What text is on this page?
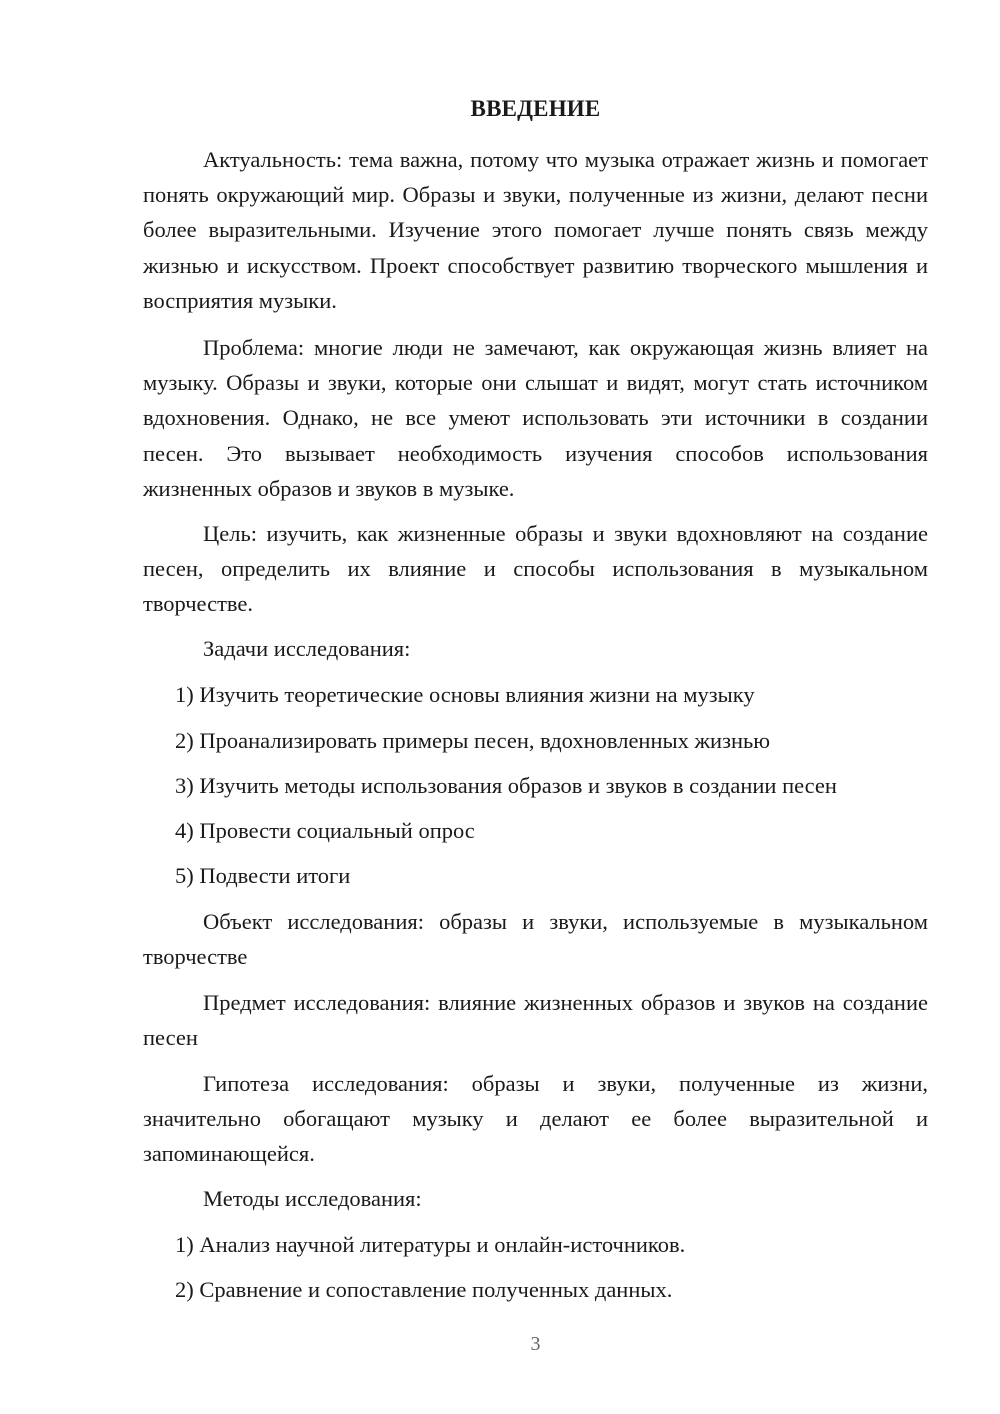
ВВЕДЕНИЕ
Актуальность: тема важна, потому что музыка отражает жизнь и помогает понять окружающий мир. Образы и звуки, полученные из жизни, делают песни более выразительными. Изучение этого помогает лучше понять связь между жизнью и искусством. Проект способствует развитию творческого мышления и восприятия музыки.
Проблема: многие люди не замечают, как окружающая жизнь влияет на музыку. Образы и звуки, которые они слышат и видят, могут стать источником вдохновения. Однако, не все умеют использовать эти источники в создании песен. Это вызывает необходимость изучения способов использования жизненных образов и звуков в музыке.
Цель: изучить, как жизненные образы и звуки вдохновляют на создание песен, определить их влияние и способы использования в музыкальном творчестве.
Задачи исследования:
1) Изучить теоретические основы влияния жизни на музыку
2) Проанализировать примеры песен, вдохновленных жизнью
3) Изучить методы использования образов и звуков в создании песен
4) Провести социальный опрос
5) Подвести итоги
Объект исследования: образы и звуки, используемые в музыкальном творчестве
Предмет исследования: влияние жизненных образов и звуков на создание песен
Гипотеза исследования: образы и звуки, полученные из жизни, значительно обогащают музыку и делают ее более выразительной и запоминающейся.
Методы исследования:
1) Анализ научной литературы и онлайн-источников.
2) Сравнение и сопоставление полученных данных.
3
